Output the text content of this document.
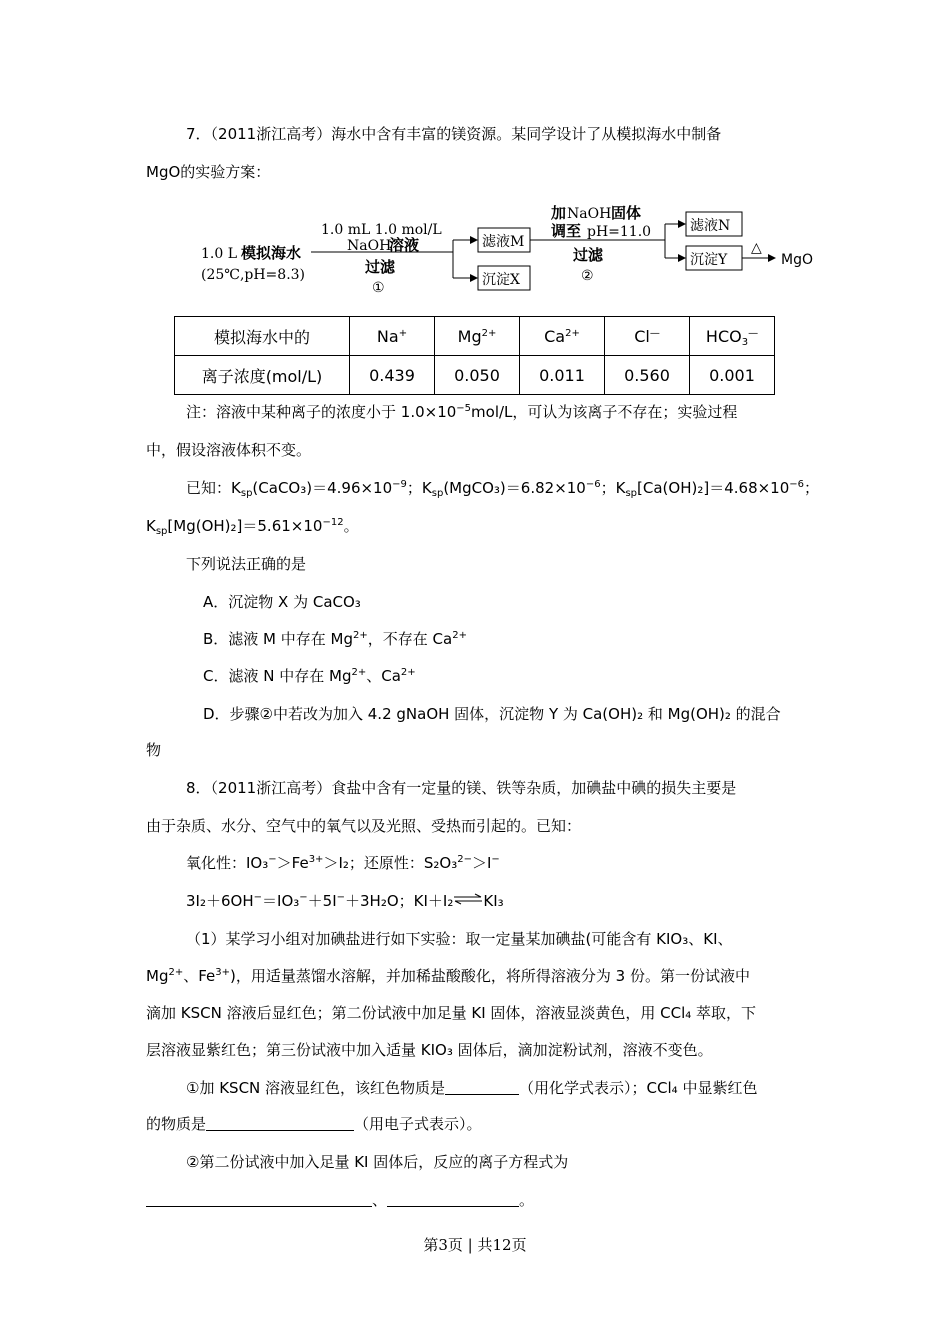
7．（2011浙江高考）海水中含有丰富的镁资源。某同学设计了从模拟海水中制备
MgO的实验方案：
1.0 L 模拟海水
(25℃,pH=8.3)
1.0 mL 1.0 mol/L
NaOH
溶液
过滤
①
滤液M
沉淀X
加 NaOH 固体
调至 pH=11.0
过滤
②
滤液N
沉淀Y
△
MgO
模拟海水中的	Na+	$Mg^{2+}$	$Ca^{2+}$	Cl—	$HCO_3^—$
离子浓度(mol/L)	0.439	0.050	0.011	0.560	0.001
注：溶液中某种离子的浓度小于 $1.0\times 10^{-5}mol/L$，可认为该离子不存在；实验过程
中，假设溶液体积不变。
已知：$K_{sp}(CaCO_3)=4.96\times 10^{-9}$；$K_{sp}(MgCO_3)=6.82\times 10^{-6}$；$K_{sp}[Ca(OH)_2]=4.68\times 10^{-6}$；
$K_{sp}[Mg(OH)_2]=5.61\times 10^{-12}$。
下列说法正确的是
A．沉淀物 X 为 CaCO₃
B．滤液 M 中存在 $Mg^{2+}$，不存在 $Ca^{2+}$
C．滤液 N 中存在 $Mg^{2+}$、$Ca^{2+}$
D．步骤②中若改为加入 4.2 gNaOH 固体，沉淀物 Y 为 Ca(OH)₂ 和 Mg(OH)₂ 的混合
物
8．（2011浙江高考）食盐中含有一定量的镁、铁等杂质，加碘盐中碘的损失主要是
由于杂质、水分、空气中的氧气以及光照、受热而引起的。已知：
氧化性：$IO_3^->Fe^{3+}>I_2$；还原性：S₂O₃$^{2-}$＞I−
3I₂＋6OH−＝IO₃−＋5I−＋3H₂O；KI＋I₂⇌KI₃
（1）某学习小组对加碘盐进行如下实验：取一定量某加碘盐(可能含有 KIO₃、KI、
$Mg^{2+}$、$Fe^{3+}$)，用适量蒸馏水溶解，并加稀盐酸酸化，将所得溶液分为 3 份。第一份试液中
滴加 KSCN 溶液后显红色；第二份试液中加足量 KI 固体，溶液显淡黄色，用 CCl₄ 萃取，下
层溶液显紫红色；第三份试液中加入适量 KIO₃ 固体后，滴加淀粉试剂，溶液不变色。
①加 KSCN 溶液显红色，该红色物质是	（用化学式表示）；CCl₄ 中显紫红色
的物质是	（用电子式表示）。
②第二份试液中加入足量 KI 固体后，反应的离子方程式为
、	。
第3页 | 共12页
